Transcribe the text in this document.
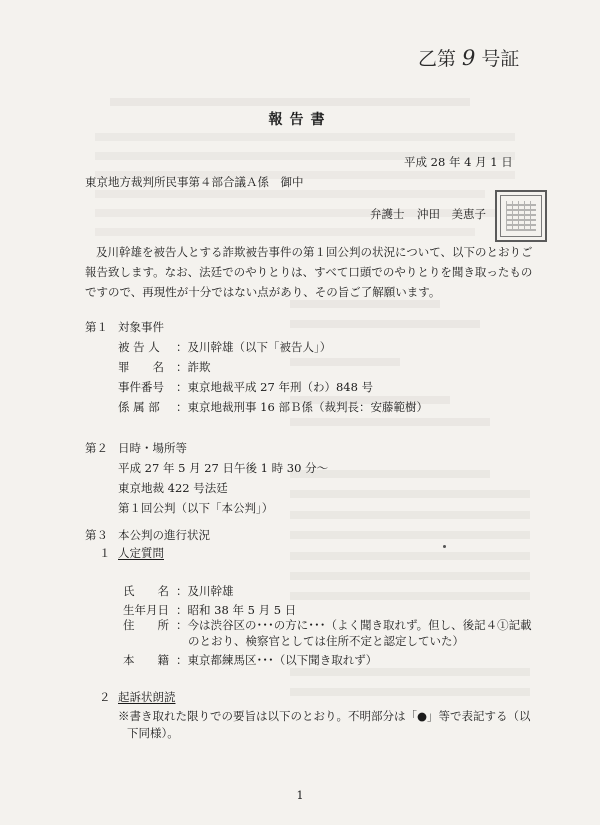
乙第 9 号証
報告書
平成 28 年 4 月 1 日
東京地方裁判所民事第４部合議Ａ係　御中
弁護士 沖田　美恵子
及川幹雄を被告人とする詐欺被告事件の第１回公判の状況について、以下のとおりご
報告致します。なお、法廷でのやりとりは、すべて口頭でのやりとりを聞き取ったもの
ですので、再現性が十分ではない点があり、その旨ご了解願います。
第１ 対象事件
被 告 人 ：及川幹雄（以下「被告人」）
罪　　名 ：詐欺
事件番号 ：東京地裁平成 27 年刑（わ）848 号
係 属 部 ：東京地裁刑事 16 部Ｂ係（裁判長：安藤範樹）
第２ 日時・場所等
平成 27 年 5 月 27 日午後 1 時 30 分～
東京地裁 422 号法廷
第１回公判（以下「本公判」）
第３ 本公判の進行状況
１ 人定質問
氏　　名 ：及川幹雄
生年月日 ：昭和 38 年 5 月 5 日
住　　所 ：今は渋谷区の･･･の方に･･･（よく聞き取れず。但し、後記４①記載
のとおり、検察官としては住所不定と認定していた）
本　　籍 ：東京都練馬区･･･（以下聞き取れず）
２ 起訴状朗読
※書き取れた限りでの要旨は以下のとおり。不明部分は「●」等で表記する（以
下同様）。
1
